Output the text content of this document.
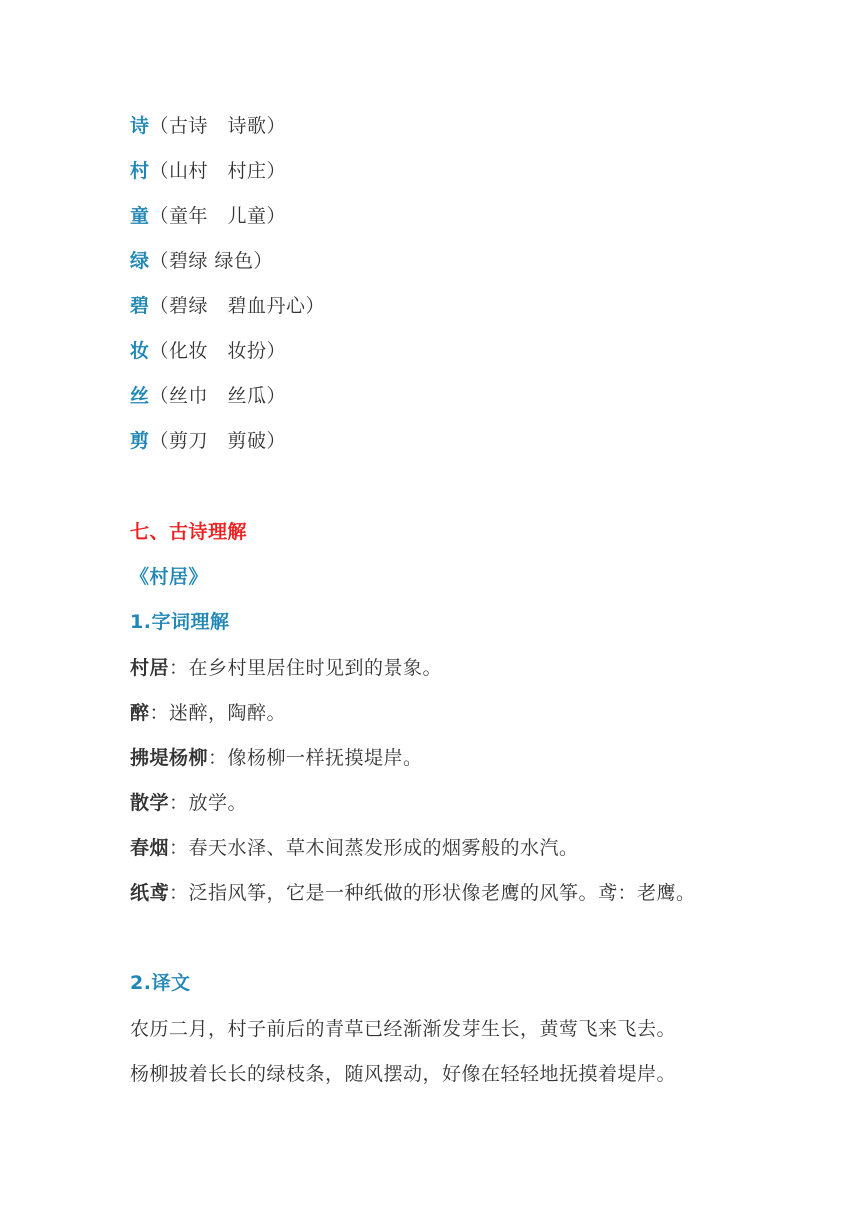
诗（古诗　诗歌）
村（山村　村庄）
童（童年　儿童）
绿（碧绿 绿色）
碧（碧绿　碧血丹心）
妆（化妆　妆扮）
丝（丝巾　丝瓜）
剪（剪刀　剪破）
七、古诗理解
《村居》
1.字词理解
村居：在乡村里居住时见到的景象。
醉：迷醉，陶醉。
拂堤杨柳：像杨柳一样抚摸堤岸。
散学：放学。
春烟：春天水泽、草木间蒸发形成的烟雾般的水汽。
纸鸢：泛指风筝，它是一种纸做的形状像老鹰的风筝。鸢：老鹰。
2.译文
农历二月，村子前后的青草已经渐渐发芽生长，黄莺飞来飞去。
杨柳披着长长的绿枝条，随风摆动，好像在轻轻地抚摸着堤岸。
